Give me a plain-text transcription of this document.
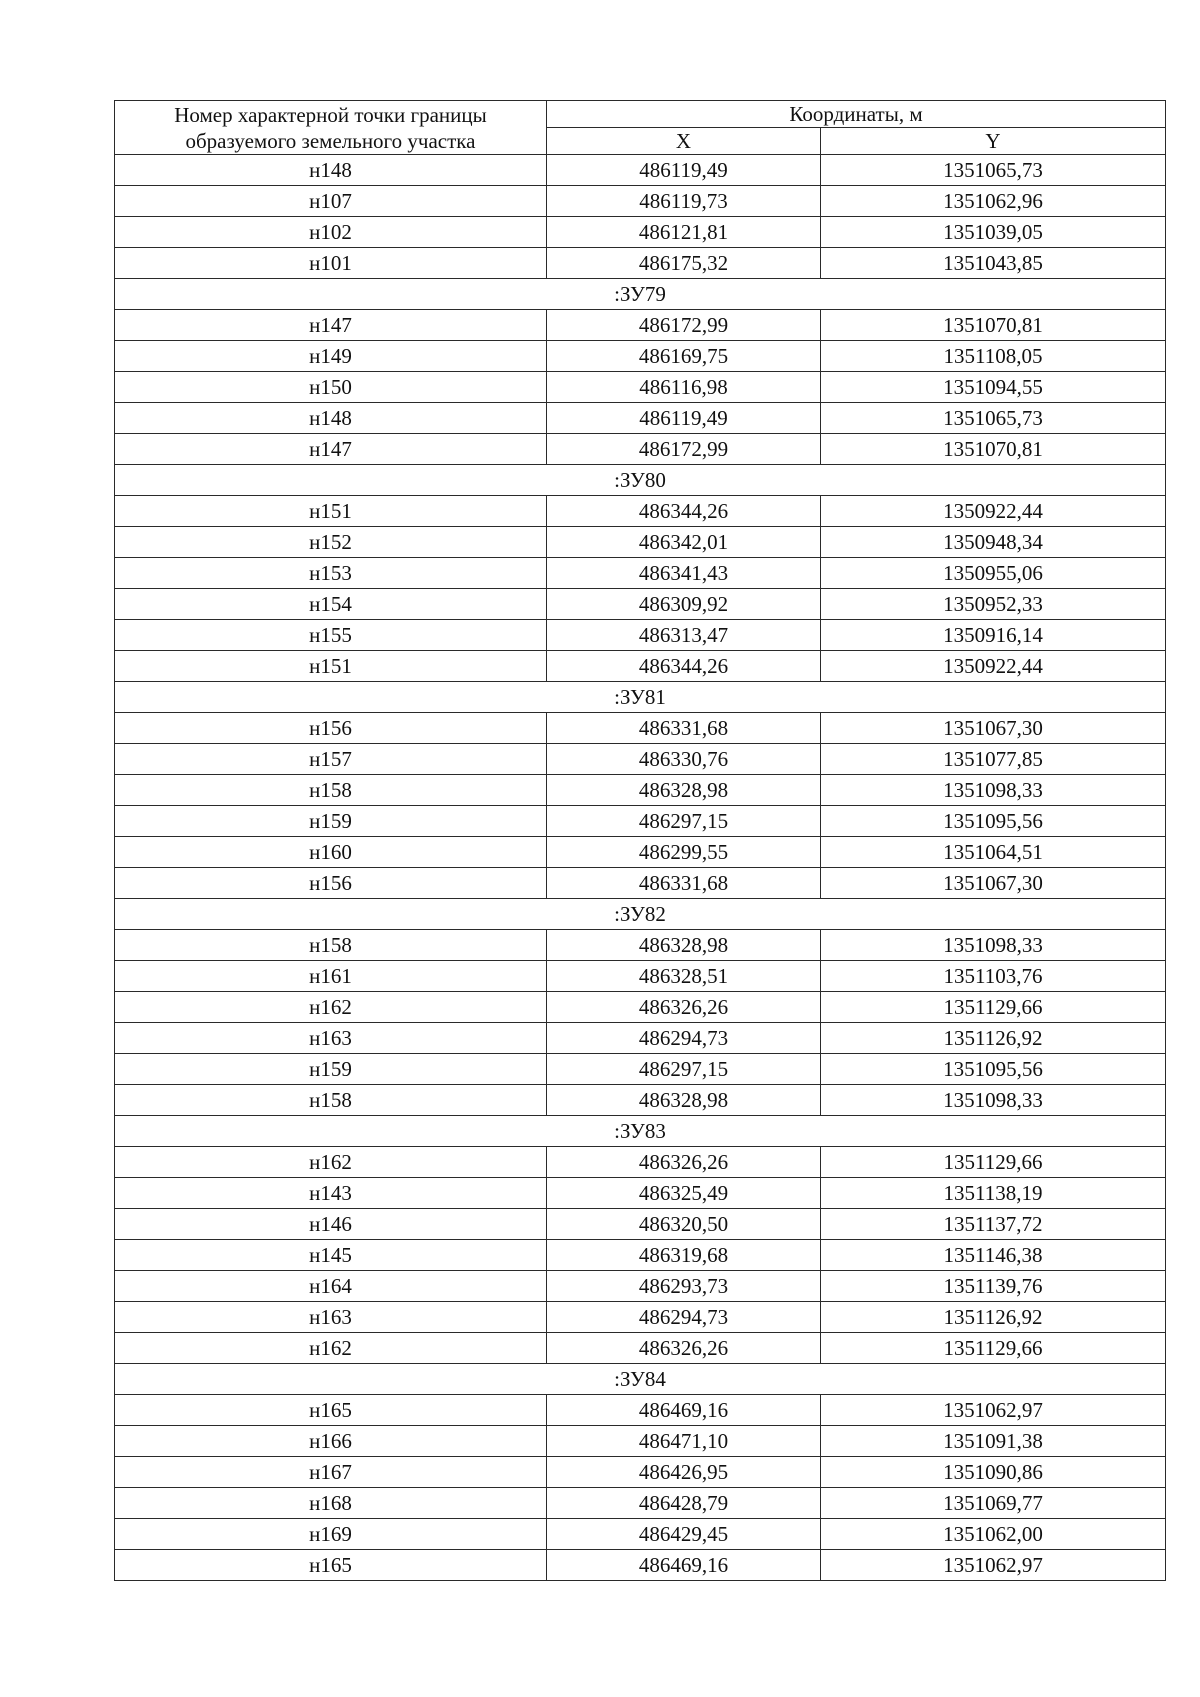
Номер характерной точки границы
образуемого земельного участка	Координаты, м	
	X	Y
н148	486119,49	1351065,73
н107	486119,73	1351062,96
н102	486121,81	1351039,05
н101	486175,32	1351043,85
:ЗУ79		
н147	486172,99	1351070,81
н149	486169,75	1351108,05
н150	486116,98	1351094,55
н148	486119,49	1351065,73
н147	486172,99	1351070,81
:ЗУ80		
н151	486344,26	1350922,44
н152	486342,01	1350948,34
н153	486341,43	1350955,06
н154	486309,92	1350952,33
н155	486313,47	1350916,14
н151	486344,26	1350922,44
:ЗУ81		
н156	486331,68	1351067,30
н157	486330,76	1351077,85
н158	486328,98	1351098,33
н159	486297,15	1351095,56
н160	486299,55	1351064,51
н156	486331,68	1351067,30
:ЗУ82		
н158	486328,98	1351098,33
н161	486328,51	1351103,76
н162	486326,26	1351129,66
н163	486294,73	1351126,92
н159	486297,15	1351095,56
н158	486328,98	1351098,33
:ЗУ83		
н162	486326,26	1351129,66
н143	486325,49	1351138,19
н146	486320,50	1351137,72
н145	486319,68	1351146,38
н164	486293,73	1351139,76
н163	486294,73	1351126,92
н162	486326,26	1351129,66
:ЗУ84		
н165	486469,16	1351062,97
н166	486471,10	1351091,38
н167	486426,95	1351090,86
н168	486428,79	1351069,77
н169	486429,45	1351062,00
н165	486469,16	1351062,97
